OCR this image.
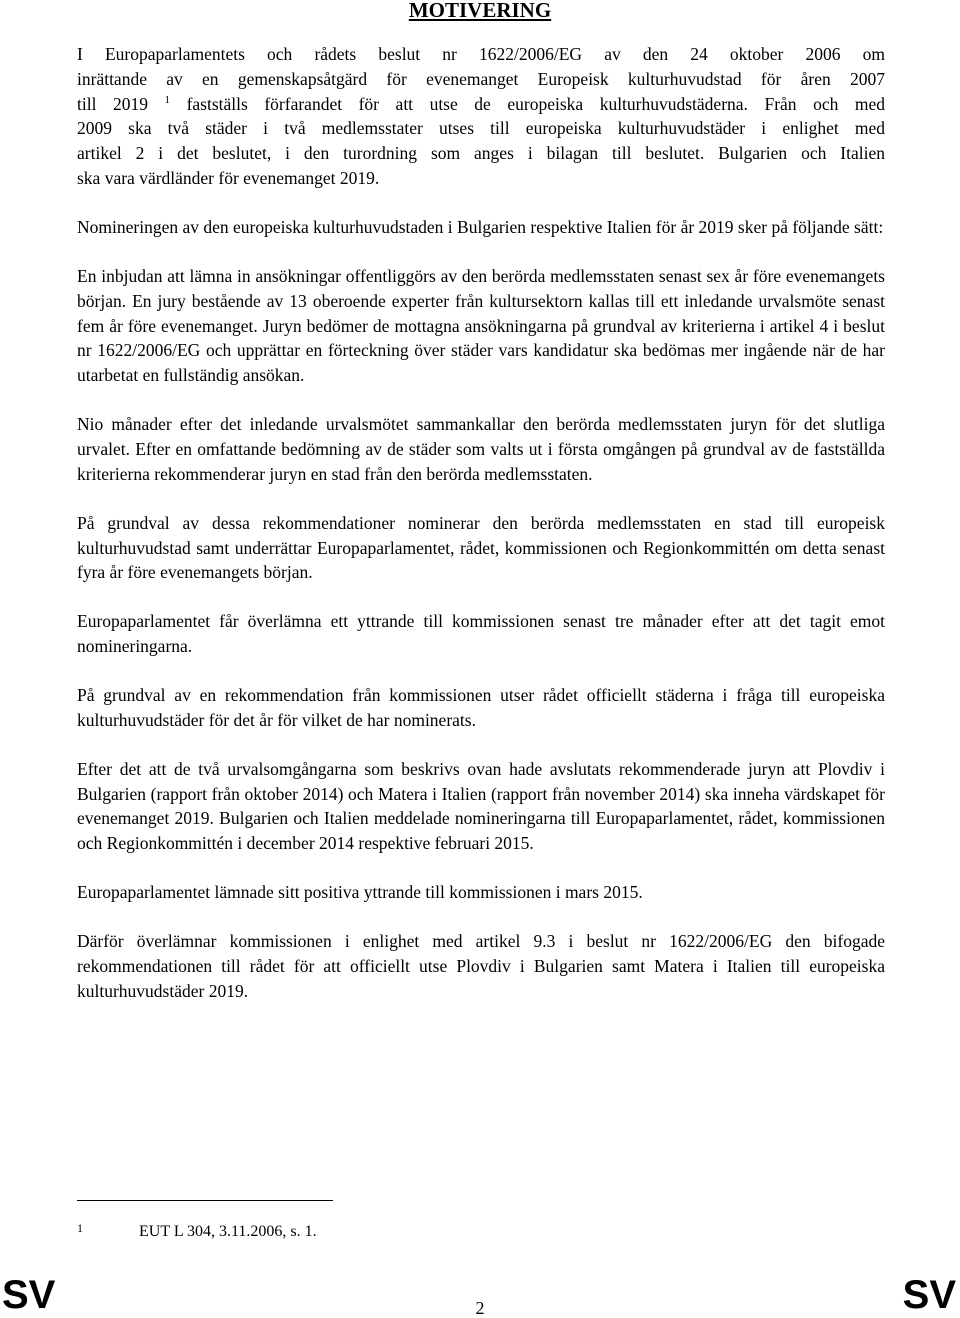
MOTIVERING

I Europaparlamentets och rådets beslut nr 1622/2006/EG av den 24 oktober 2006 om
inrättande av en gemenskapsåtgärd för evenemanget Europeisk kulturhuvudstad för åren 2007
till 2019 $^1$ fastställs förfarandet för att utse de europeiska kulturhuvudstäderna. Från och med
2009 ska två städer i två medlemsstater utses till europeiska kulturhuvudstäder i enlighet med
artikel 2 i det beslutet, i den turordning som anges i bilagan till beslutet. Bulgarien och Italien
ska vara värdländer för evenemanget 2019.

Nomineringen av den europeiska kulturhuvudstaden i Bulgarien respektive Italien för år 2019 sker på följande sätt:

En inbjudan att lämna in ansökningar offentliggörs av den berörda medlemsstaten senast sex år före evenemangets början. En jury bestående av 13 oberoende experter från kultursektorn kallas till ett inledande urvalsmöte senast fem år före evenemanget. Juryn bedömer de mottagna ansökningarna på grundval av kriterierna i artikel 4 i beslut nr 1622/2006/EG och upprättar en förteckning över städer vars kandidatur ska bedömas mer ingående när de har utarbetat en fullständig ansökan.

Nio månader efter det inledande urvalsmötet sammankallar den berörda medlemsstaten juryn för det slutliga urvalet. Efter en omfattande bedömning av de städer som valts ut i första omgången på grundval av de fastställda kriterierna rekommenderar juryn en stad från den berörda medlemsstaten.

På grundval av dessa rekommendationer nominerar den berörda medlemsstaten en stad till europeisk kulturhuvudstad samt underrättar Europaparlamentet, rådet, kommissionen och Regionkommittén om detta senast fyra år före evenemangets början.

Europaparlamentet får överlämna ett yttrande till kommissionen senast tre månader efter att det tagit emot nomineringarna.

På grundval av en rekommendation från kommissionen utser rådet officiellt städerna i fråga till europeiska kulturhuvudstäder för det år för vilket de har nominerats.

Efter det att de två urvalsomgångarna som beskrivs ovan hade avslutats rekommenderade juryn att Plovdiv i Bulgarien (rapport från oktober 2014) och Matera i Italien (rapport från november 2014) ska inneha värdskapet för evenemanget 2019. Bulgarien och Italien meddelade nomineringarna till Europaparlamentet, rådet, kommissionen och Regionkommittén i december 2014 respektive februari 2015.

Europaparlamentet lämnade sitt positiva yttrande till kommissionen i mars 2015.

Därför överlämnar kommissionen i enlighet med artikel 9.3 i beslut nr 1622/2006/EG den bifogade rekommendationen till rådet för att officiellt utse Plovdiv i Bulgarien samt Matera i Italien till europeiska kulturhuvudstäder 2019.

1	EUT L 304, 3.11.2006, s. 1.
SV	2	SV
